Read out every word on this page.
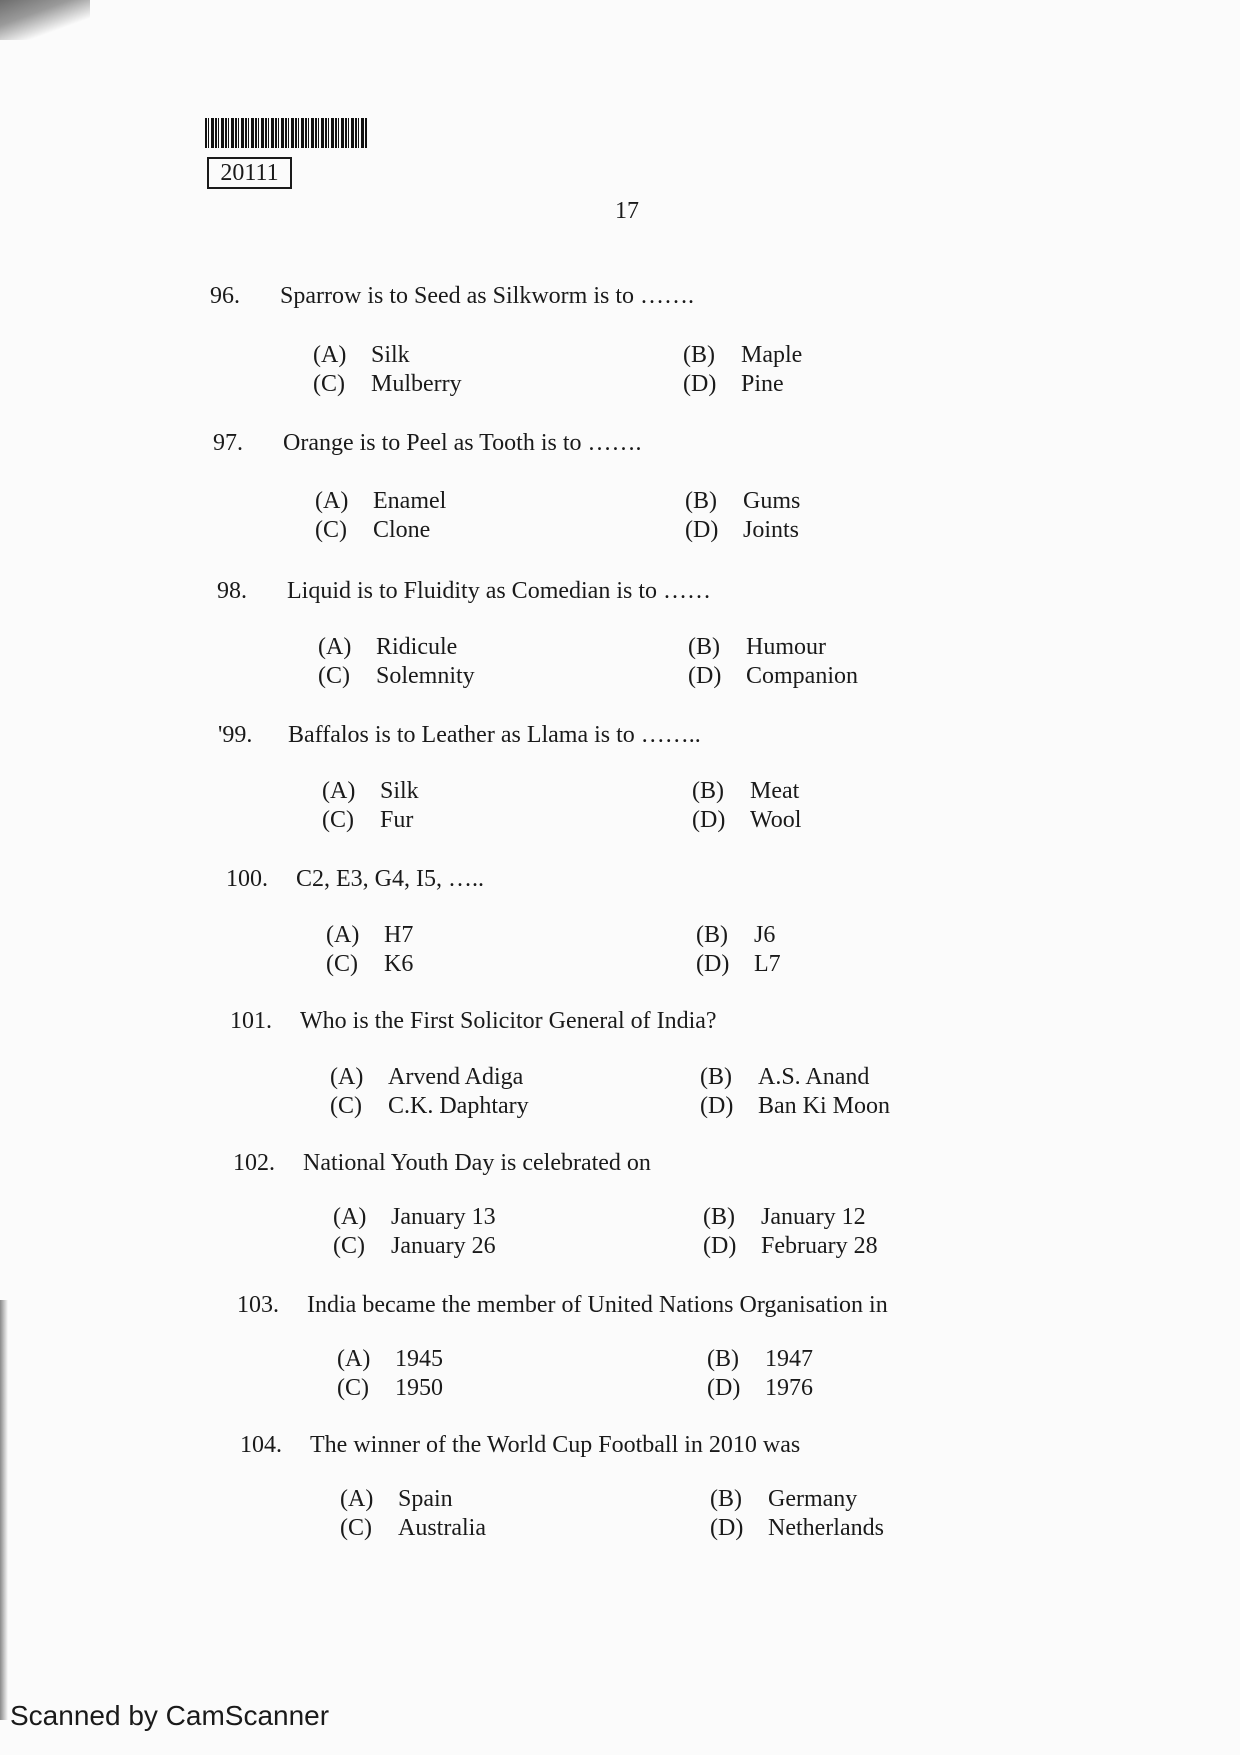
20111
17
96.	Sparrow is to Seed as Silkworm is to …….
(A)	Silk	(B)	Maple
(C)	Mulberry	(D)	Pine
97.	Orange is to Peel as Tooth is to …….
(A)	Enamel	(B)	Gums
(C)	Clone	(D)	Joints
98.	Liquid is to Fluidity as Comedian is to ……
(A)	Ridicule	(B)	Humour
(C)	Solemnity	(D)	Companion
'99.	Baffalos is to Leather as Llama is to ……..
(A)	Silk	(B)	Meat
(C)	Fur	(D)	Wool
100.	C2, E3, G4, I5, …..
(A)	H7	(B)	J6
(C)	K6	(D)	L7
101.	Who is the First Solicitor General of India?
(A)	Arvend Adiga	(B)	A.S. Anand
(C)	C.K. Daphtary	(D)	Ban Ki Moon
102.	National Youth Day is celebrated on
(A)	January 13	(B)	January 12
(C)	January 26	(D)	February 28
103.	India became the member of United Nations Organisation in
(A)	1945	(B)	1947
(C)	1950	(D)	1976
104.	The winner of the World Cup Football in 2010 was
(A)	Spain	(B)	Germany
(C)	Australia	(D)	Netherlands
Scanned by CamScanner
